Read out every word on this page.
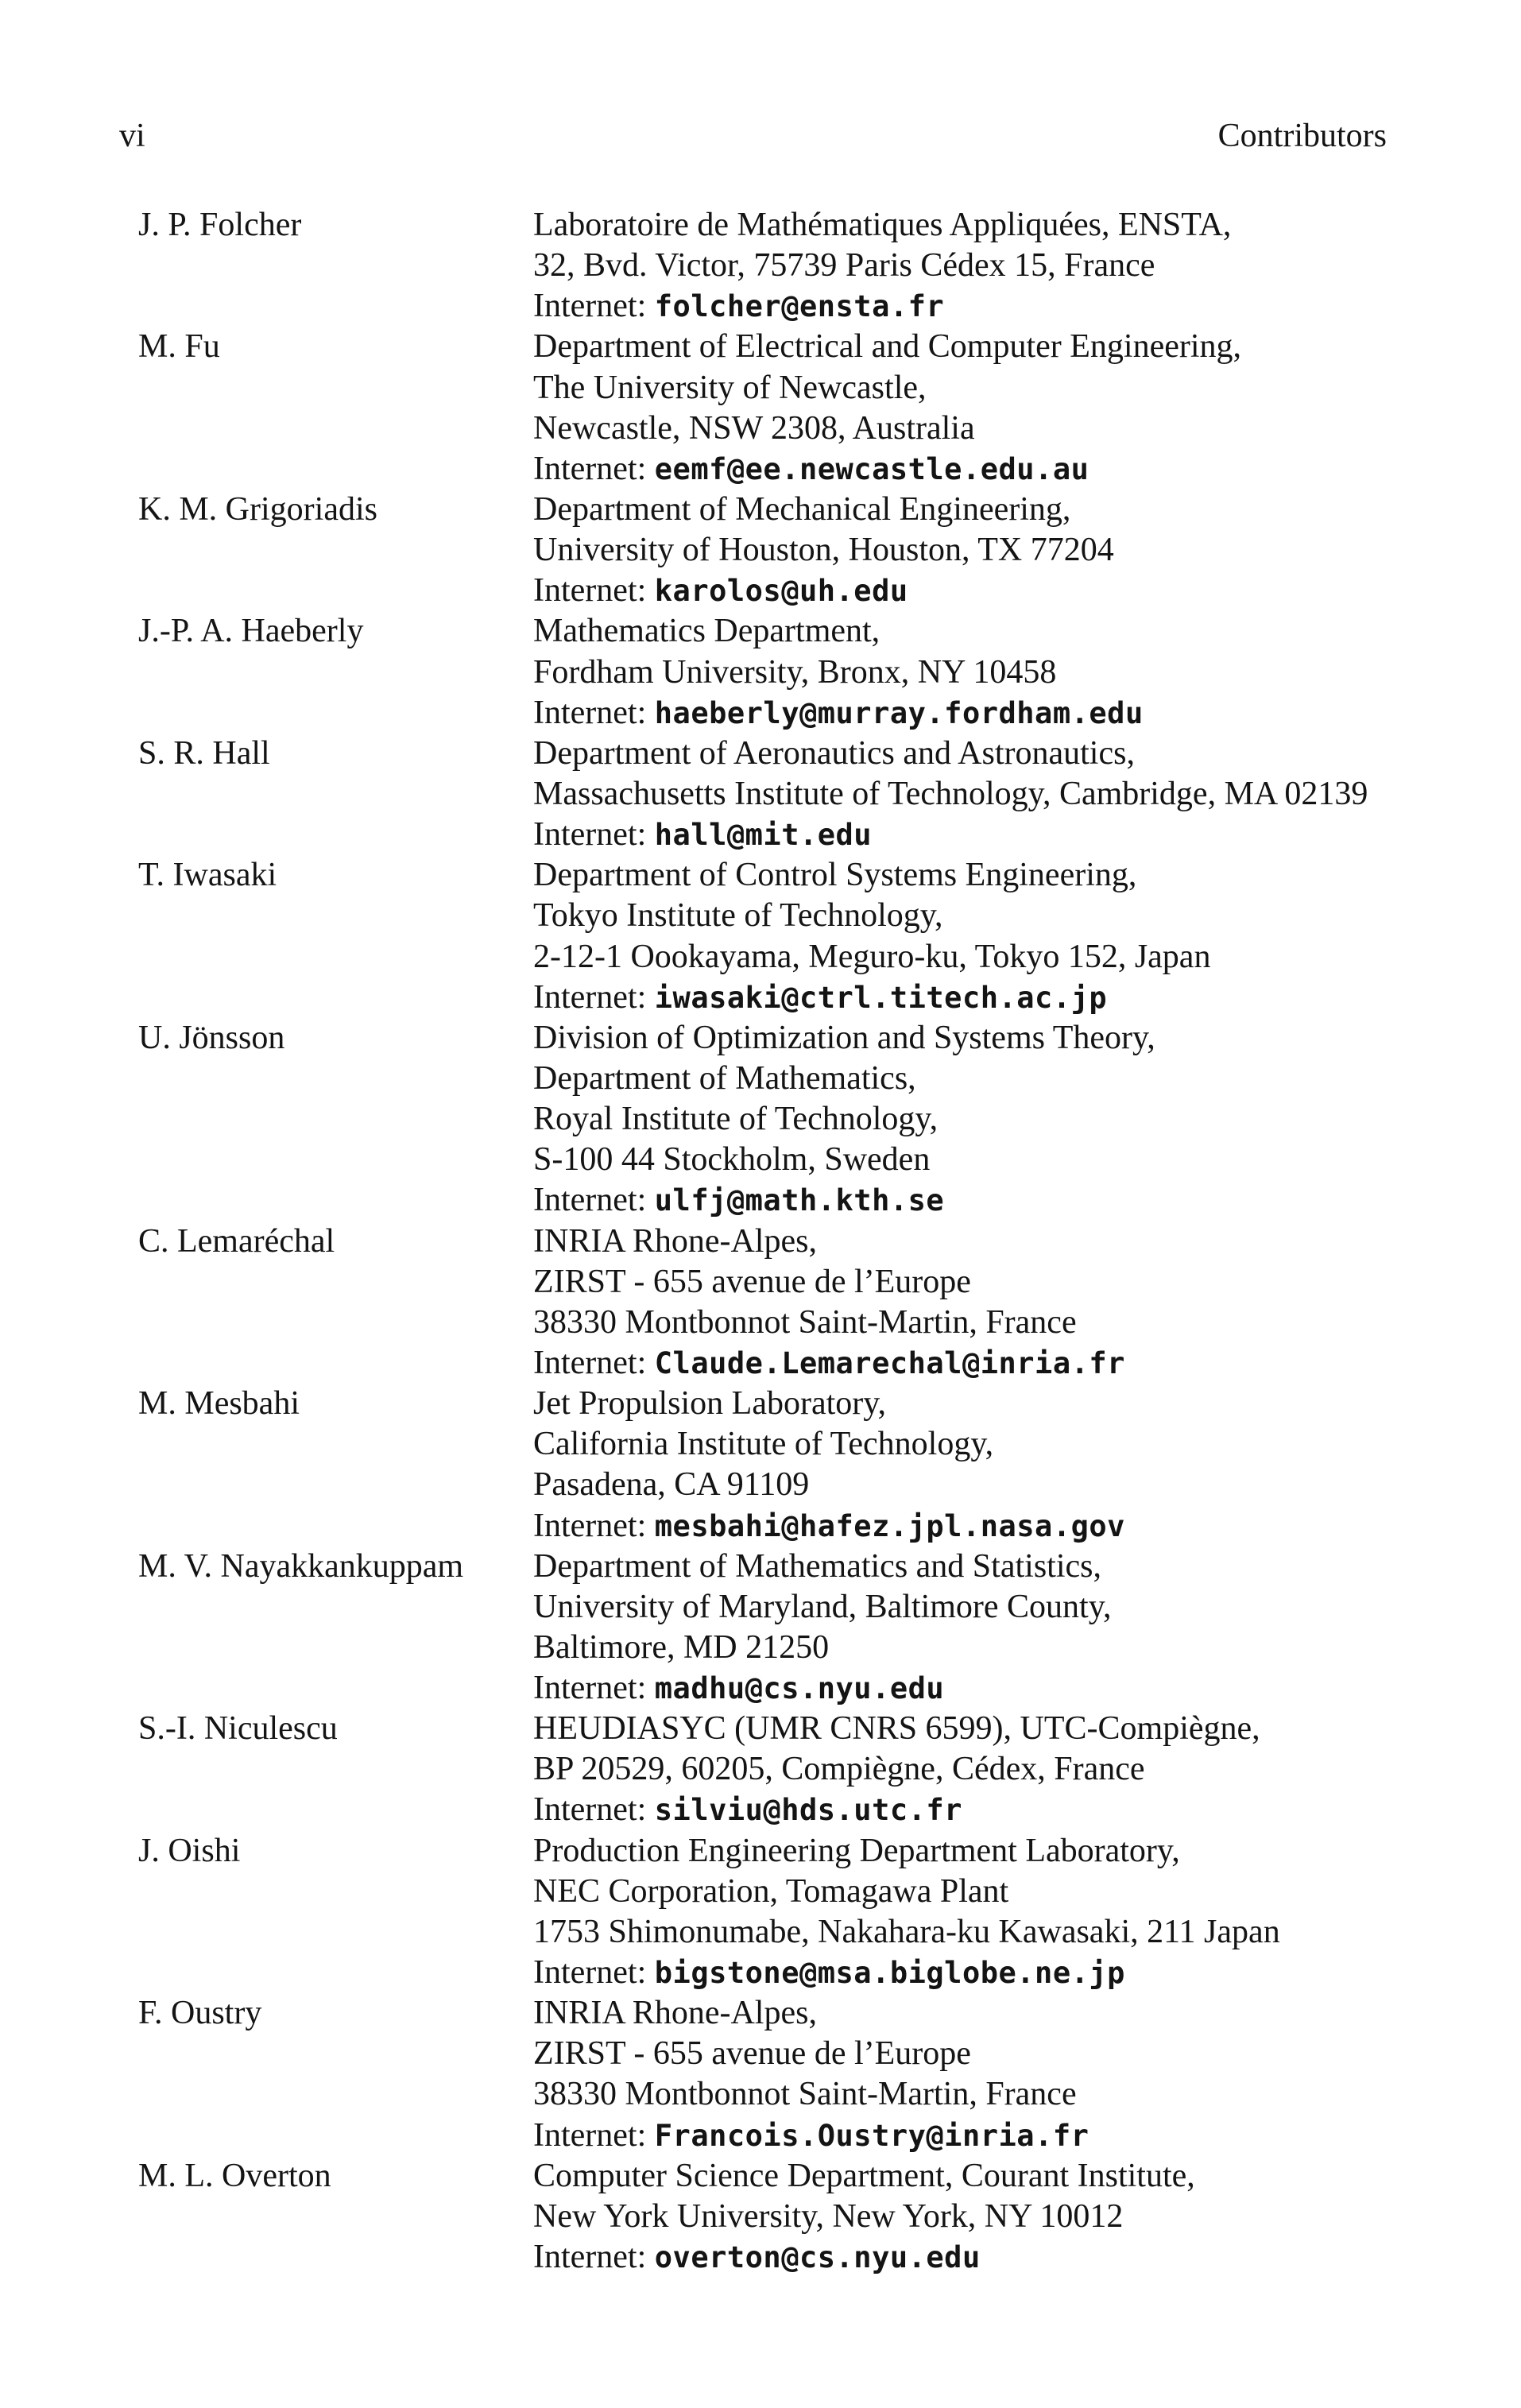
vi	Contributors
J. P. Folcher	Laboratoire de Mathématiques Appliquées, ENSTA,
32, Bvd. Victor, 75739 Paris Cédex 15, France
Internet: folcher@ensta.fr
M. Fu	Department of Electrical and Computer Engineering,
The University of Newcastle,
Newcastle, NSW 2308, Australia
Internet: eemf@ee.newcastle.edu.au
K. M. Grigoriadis	Department of Mechanical Engineering,
University of Houston, Houston, TX 77204
Internet: karolos@uh.edu
J.-P. A. Haeberly	Mathematics Department,
Fordham University, Bronx, NY 10458
Internet: haeberly@murray.fordham.edu
S. R. Hall	Department of Aeronautics and Astronautics,
Massachusetts Institute of Technology, Cambridge, MA 02139
Internet: hall@mit.edu
T. Iwasaki	Department of Control Systems Engineering,
Tokyo Institute of Technology,
2-12-1 Oookayama, Meguro-ku, Tokyo 152, Japan
Internet: iwasaki@ctrl.titech.ac.jp
U. Jönsson	Division of Optimization and Systems Theory,
Department of Mathematics,
Royal Institute of Technology,
S-100 44 Stockholm, Sweden
Internet: ulfj@math.kth.se
C. Lemaréchal	INRIA Rhone-Alpes,
ZIRST - 655 avenue de l’Europe
38330 Montbonnot Saint-Martin, France
Internet: Claude.Lemarechal@inria.fr
M. Mesbahi	Jet Propulsion Laboratory,
California Institute of Technology,
Pasadena, CA 91109
Internet: mesbahi@hafez.jpl.nasa.gov
M. V. Nayakkankuppam	Department of Mathematics and Statistics,
University of Maryland, Baltimore County,
Baltimore, MD 21250
Internet: madhu@cs.nyu.edu
S.-I. Niculescu	HEUDIASYC (UMR CNRS 6599), UTC-Compiègne,
BP 20529, 60205, Compiègne, Cédex, France
Internet: silviu@hds.utc.fr
J. Oishi	Production Engineering Department Laboratory,
NEC Corporation, Tomagawa Plant
1753 Shimonumabe, Nakahara-ku Kawasaki, 211 Japan
Internet: bigstone@msa.biglobe.ne.jp
F. Oustry	INRIA Rhone-Alpes,
ZIRST - 655 avenue de l’Europe
38330 Montbonnot Saint-Martin, France
Internet: Francois.Oustry@inria.fr
M. L. Overton	Computer Science Department, Courant Institute,
New York University, New York, NY 10012
Internet: overton@cs.nyu.edu
